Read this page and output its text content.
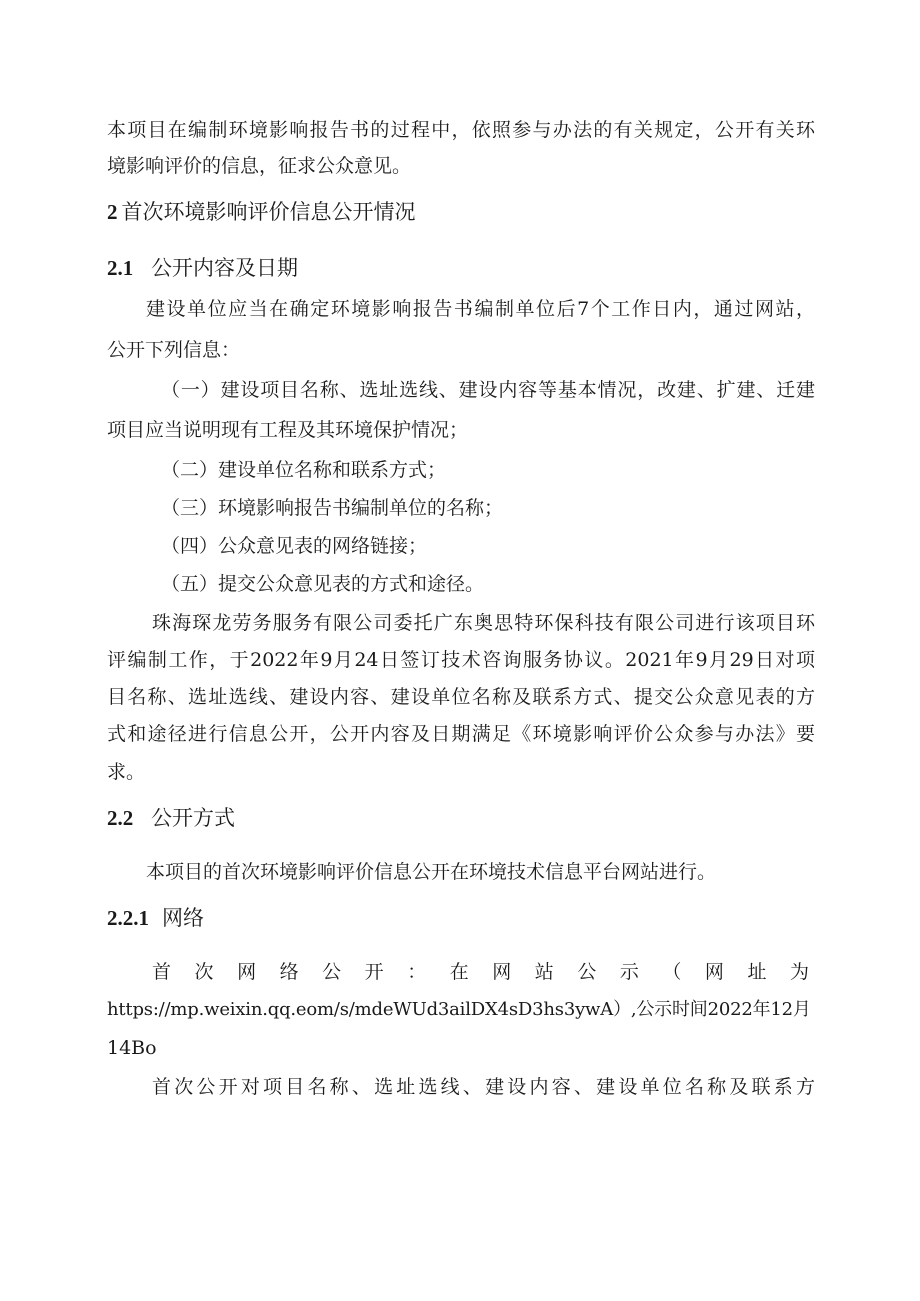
本项目在编制环境影响报告书的过程中，依照参与办法的有关规定，公开有关环
境影响评价的信息，征求公众意见。
2 首次环境影响评价信息公开情况
2.1 公开内容及日期
建设单位应当在确定环境影响报告书编制单位后7个工作日内，通过网站，
公开下列信息：
（一）建设项目名称、选址选线、建设内容等基本情况，改建、扩建、迁建
项目应当说明现有工程及其环境保护情况；
（二）建设单位名称和联系方式；
（三）环境影响报告书编制单位的名称；
（四）公众意见表的网络链接；
（五）提交公众意见表的方式和途径。
珠海琛龙劳务服务有限公司委托广东奥思特环保科技有限公司进行该项目环
评编制工作，于2022年9月24日签订技术咨询服务协议。2021年9月29日对项
目名称、选址选线、建设内容、建设单位名称及联系方式、提交公众意见表的方
式和途径进行信息公开，公开内容及日期满足《环境影响评价公众参与办法》要
求。
2.2 公开方式
本项目的首次环境影响评价信息公开在环境技术信息平台网站进行。
2.2.1 网络
首次网络公开：在网站公示（网址为
https://mp.weixin.qq.eom/s/mdeWUd3ailDX4sD3hs3ywA）,公示时间2022年12月
14Bo
首次公开对项目名称、选址选线、建设内容、建设单位名称及联系方
